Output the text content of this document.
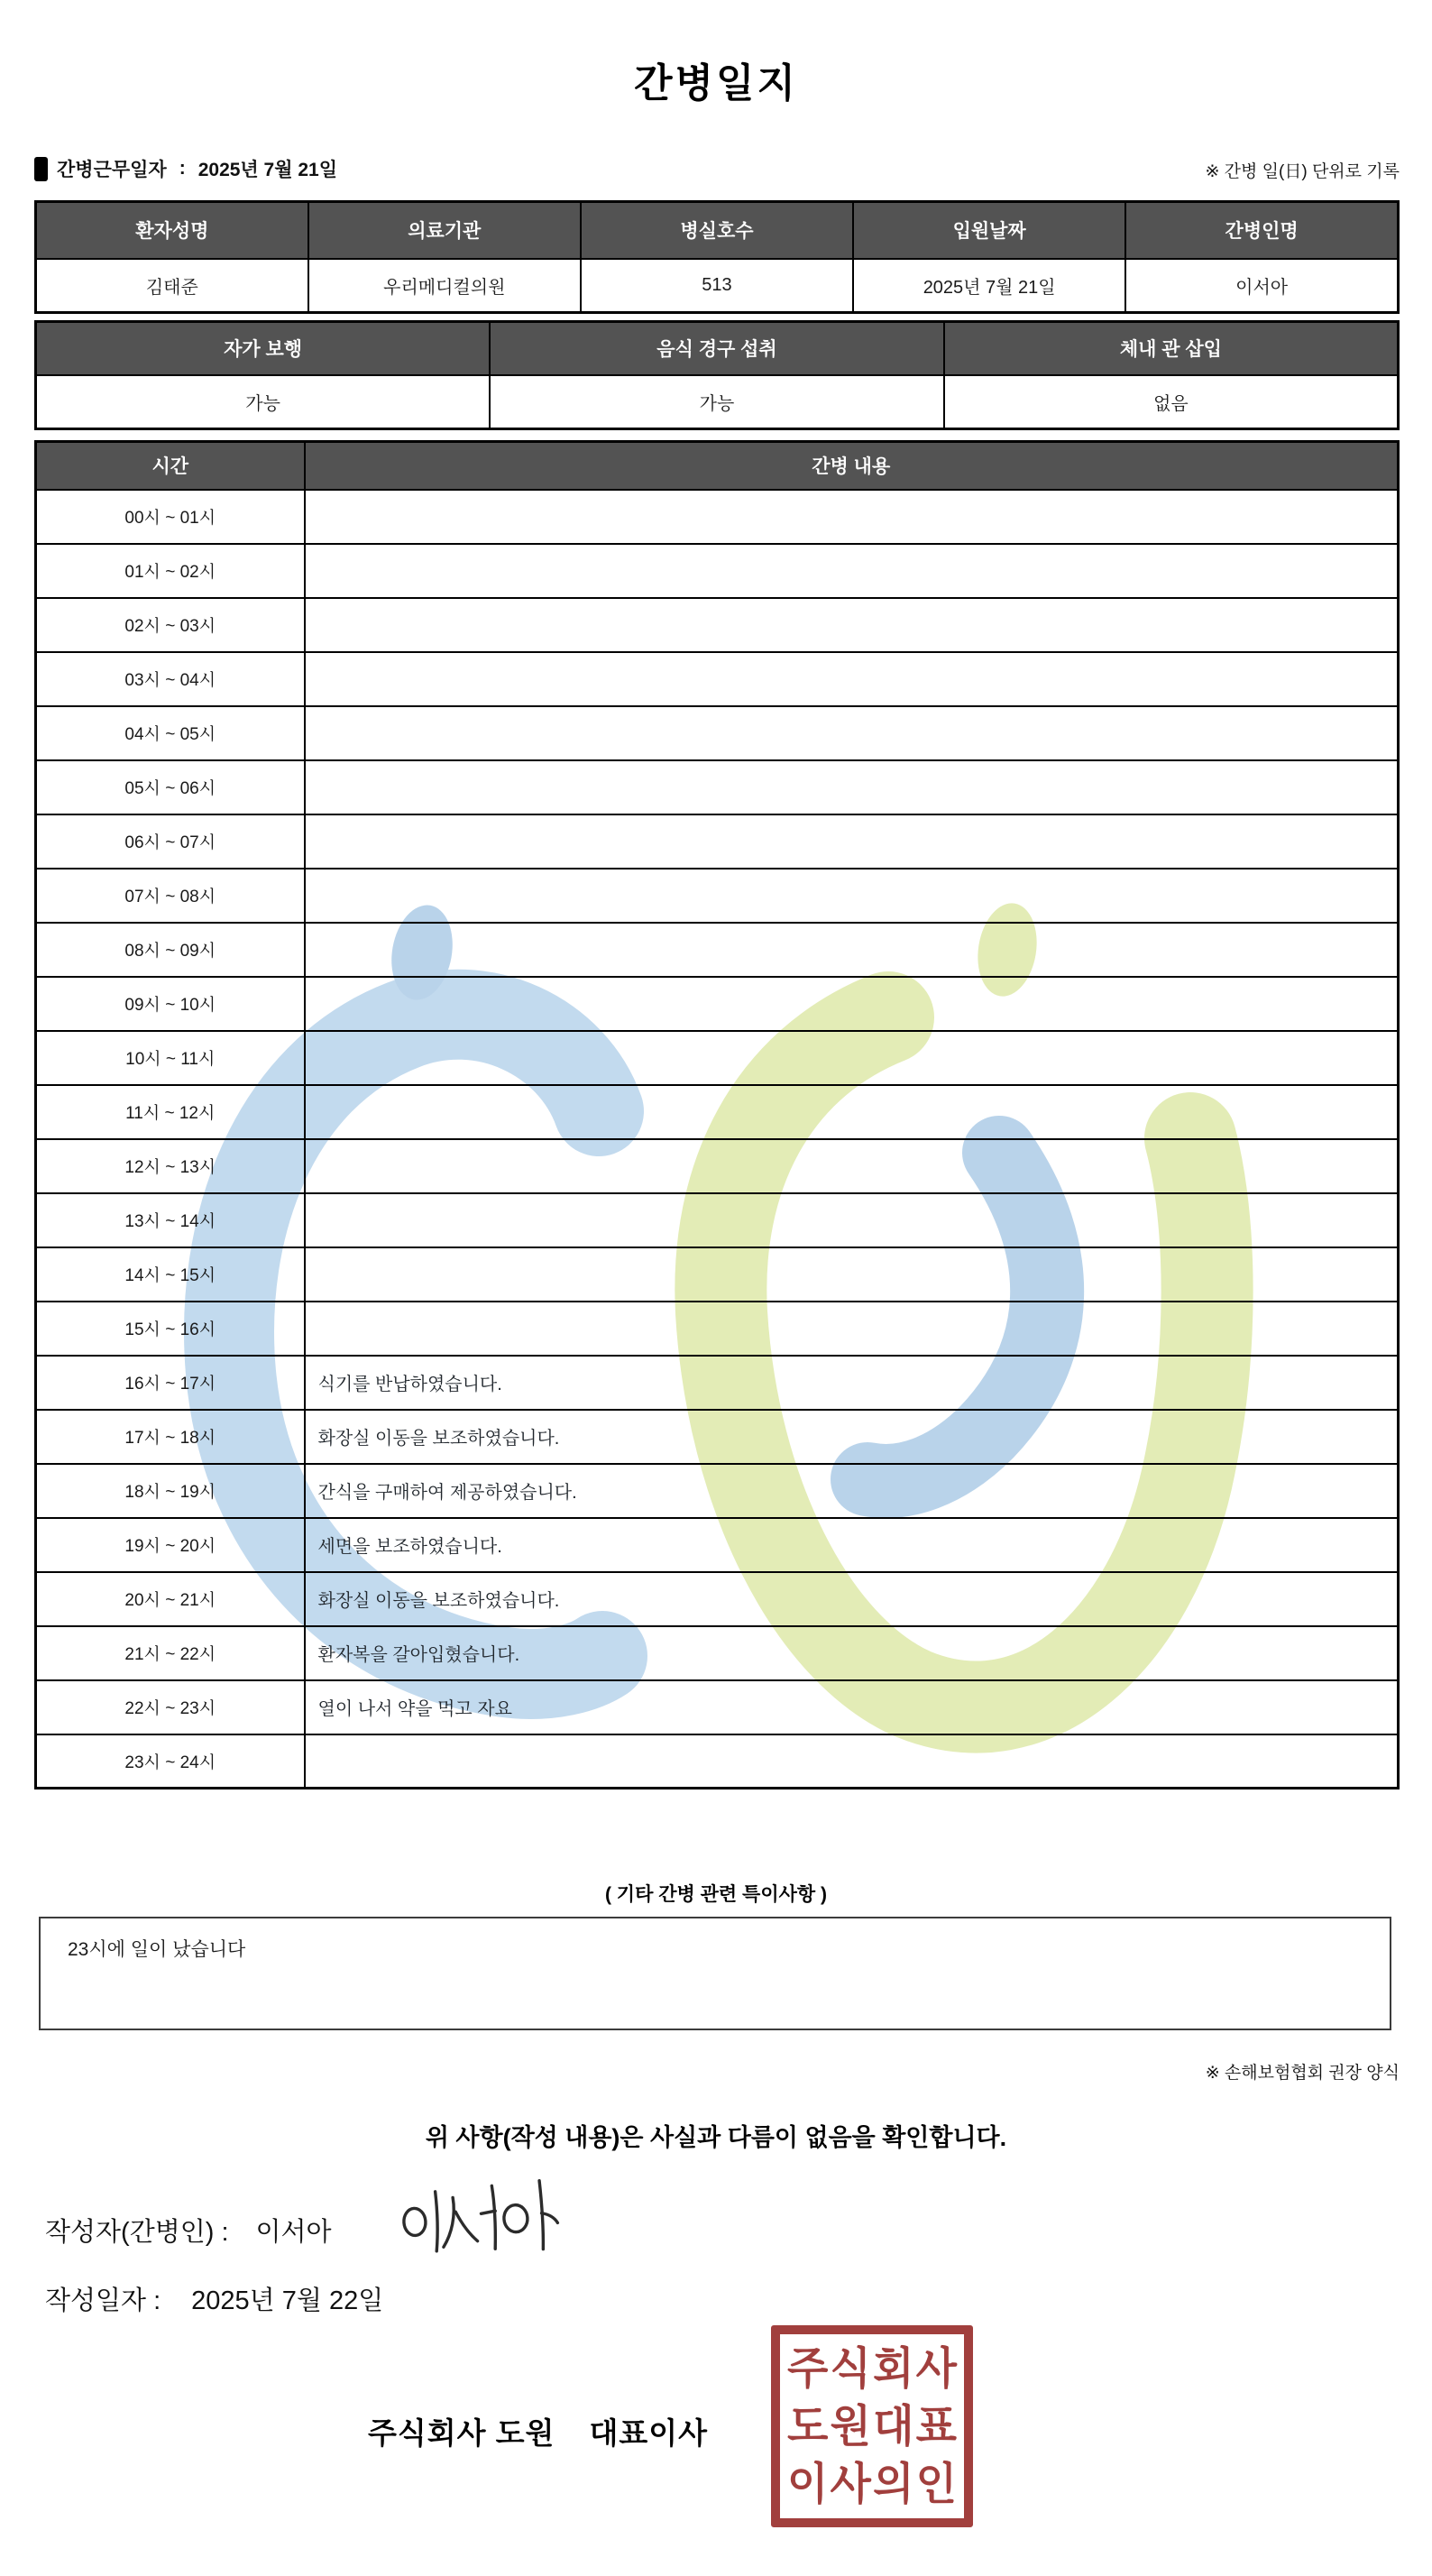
간병일지
간병근무일자 : 2025년 7월 21일	※ 간병 일(日) 단위로 기록
환자성명	의료기관	병실호수	입원날짜	간병인명
김태준	우리메디컬의원	513	2025년 7월 21일	이서아
자가 보행	음식 경구 섭취	체내 관 삽입
가능	가능	없음
시간	간병 내용
00시 ~ 01시	
01시 ~ 02시	
02시 ~ 03시	
03시 ~ 04시	
04시 ~ 05시	
05시 ~ 06시	
06시 ~ 07시	
07시 ~ 08시	
08시 ~ 09시	
09시 ~ 10시	
10시 ~ 11시	
11시 ~ 12시	
12시 ~ 13시	
13시 ~ 14시	
14시 ~ 15시	
15시 ~ 16시	
16시 ~ 17시	식기를 반납하였습니다.
17시 ~ 18시	화장실 이동을 보조하였습니다.
18시 ~ 19시	간식을 구매하여 제공하였습니다.
19시 ~ 20시	세면을 보조하였습니다.
20시 ~ 21시	화장실 이동을 보조하였습니다.
21시 ~ 22시	환자복을 갈아입혔습니다.
22시 ~ 23시	열이 나서 약을 먹고 자요
23시 ~ 24시	
( 기타 간병 관련 특이사항 )
23시에 일이 났습니다
※ 손해보험협회 권장 양식
위 사항(작성 내용)은 사실과 다름이 없음을 확인합니다.
작성자(간병인) : 이서아
작성일자 : 2025년 7월 22일
주식회사 도원 대표이사
주 식 회 사
도 원 대 표
이 사 의 인
